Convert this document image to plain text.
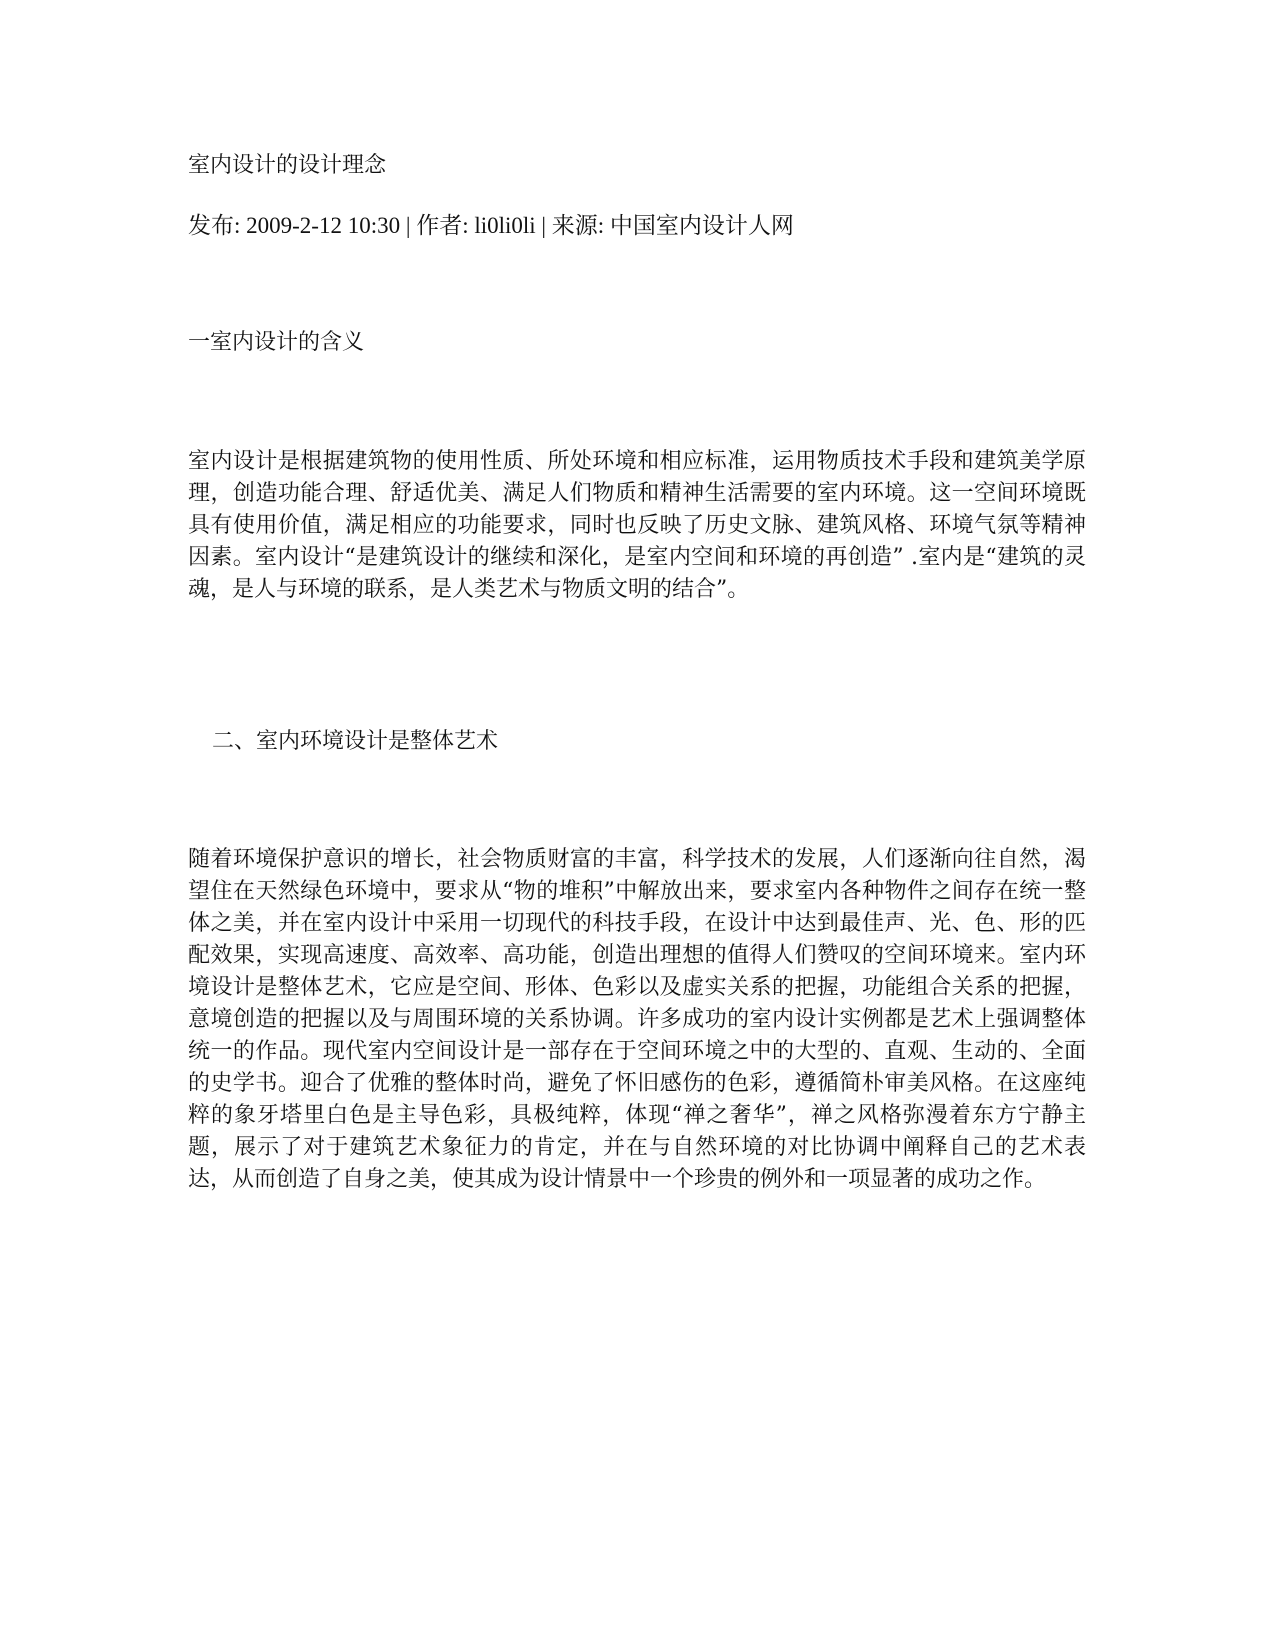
室内设计的设计理念

发布: 2009-2-12 10:30 | 作者: li0li0li | 来源: 中国室内设计人网

一室内设计的含义

室内设计是根据建筑物的使用性质、所处环境和相应标准，运用物质技术手段和建筑美学原理，创造功能合理、舒适优美、满足人们物质和精神生活需要的室内环境。这一空间环境既具有使用价值，满足相应的功能要求，同时也反映了历史文脉、建筑风格、环境气氛等精神因素。室内设计“是建筑设计的继续和深化，是室内空间和环境的再创造” .室内是“建筑的灵魂，是人与环境的联系，是人类艺术与物质文明的结合”。

二、室内环境设计是整体艺术

随着环境保护意识的增长，社会物质财富的丰富，科学技术的发展，人们逐渐向往自然，渴望住在天然绿色环境中，要求从“物的堆积”中解放出来，要求室内各种物件之间存在统一整体之美，并在室内设计中采用一切现代的科技手段，在设计中达到最佳声、光、色、形的匹配效果，实现高速度、高效率、高功能，创造出理想的值得人们赞叹的空间环境来。室内环境设计是整体艺术，它应是空间、形体、色彩以及虚实关系的把握，功能组合关系的把握，意境创造的把握以及与周围环境的关系协调。许多成功的室内设计实例都是艺术上强调整体统一的作品。现代室内空间设计是一部存在于空间环境之中的大型的、直观、生动的、全面的史学书。迎合了优雅的整体时尚，避免了怀旧感伤的色彩，遵循简朴审美风格。在这座纯粹的象牙塔里白色是主导色彩，具极纯粹，体现“禅之奢华”，禅之风格弥漫着东方宁静主题，展示了对于建筑艺术象征力的肯定，并在与自然环境的对比协调中阐释自己的艺术表达，从而创造了自身之美，使其成为设计情景中一个珍贵的例外和一项显著的成功之作。
